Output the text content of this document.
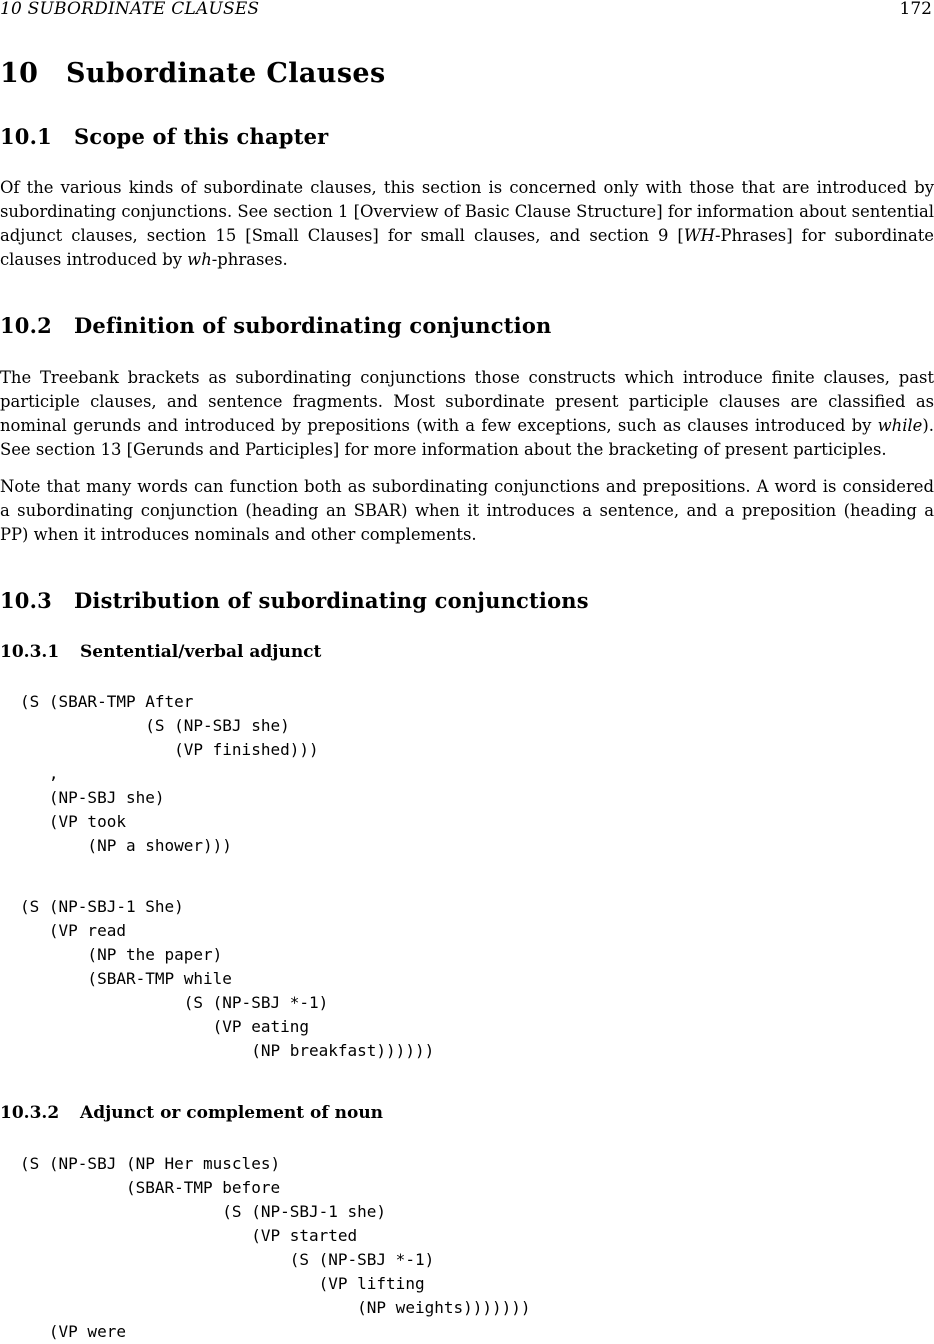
10 SUBORDINATE CLAUSES	172
10 Subordinate Clauses
10.1 Scope of this chapter
Of the various kinds of subordinate clauses, this section is concerned only with those that are introduced by subordinating conjunctions. See section 1 [Overview of Basic Clause Structure] for information about sentential adjunct clauses, section 15 [Small Clauses] for small clauses, and section 9 [WH-Phrases] for subordinate clauses introduced by wh-phrases.
10.2 Definition of subordinating conjunction
The Treebank brackets as subordinating conjunctions those constructs which introduce finite clauses, past participle clauses, and sentence fragments. Most subordinate present participle clauses are classified as nominal gerunds and introduced by prepositions (with a few exceptions, such as clauses introduced by while). See section 13 [Gerunds and Participles] for more information about the bracketing of present participles.
Note that many words can function both as subordinating conjunctions and prepositions. A word is considered a subordinating conjunction (heading an SBAR) when it introduces a sentence, and a preposition (heading a PP) when it introduces nominals and other complements.
10.3 Distribution of subordinating conjunctions
10.3.1 Sentential/verbal adjunct
(S (SBAR-TMP After
(S (NP-SBJ she)
(VP finished)))
,
(NP-SBJ she)
(VP took
(NP a shower)))
(S (NP-SBJ-1 She)
(VP read
(NP the paper)
(SBAR-TMP while
(S (NP-SBJ *-1)
(VP eating
(NP breakfast))))))
10.3.2 Adjunct or complement of noun
(S (NP-SBJ (NP Her muscles)
(SBAR-TMP before
(S (NP-SBJ-1 she)
(VP started
(S (NP-SBJ *-1)
(VP lifting
(NP weights)))))))
(VP were
